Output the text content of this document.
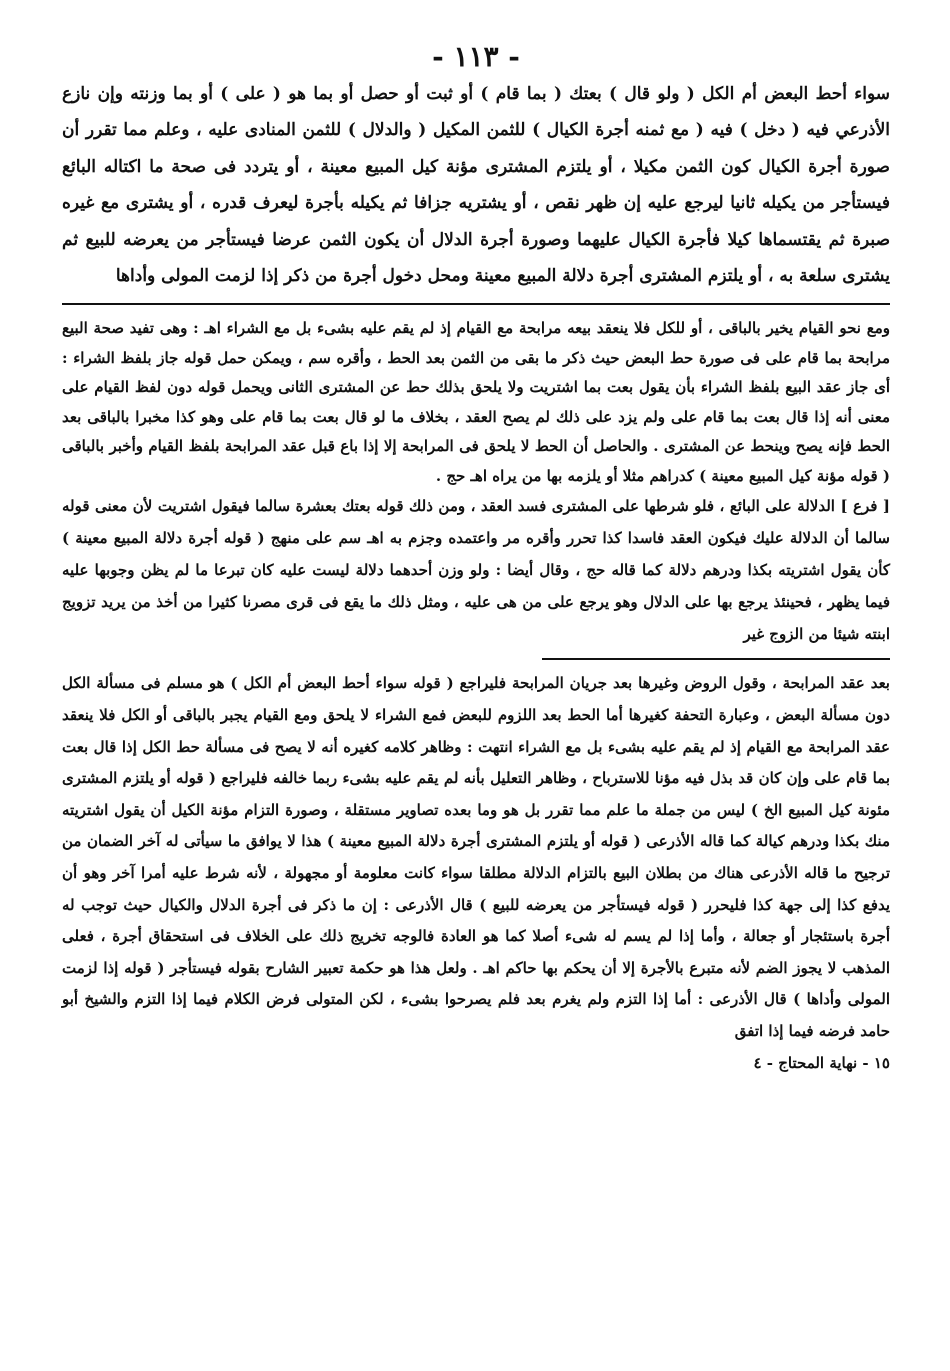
- ١١٣ -

سواء أحط البعض أم الكل ( ولو قال ) بعتك ( بما قام ) أو ثبت أو حصل أو بما هو ( على ) أو بما وزنته وإن نازع الأذرعي فيه ( دخل ) فيه ( مع ثمنه أجرة الكيال ) للثمن المكيل ( والدلال ) للثمن المنادى عليه ، وعلم مما تقرر أن صورة أجرة الكيال كون الثمن مكيلا ، أو يلتزم المشترى مؤنة كيل المبيع معينة ، أو يتردد فى صحة ما اكتاله البائع فيستأجر من يكيله ثانيا ليرجع عليه إن ظهر نقص ، أو يشتريه جزافا ثم يكيله بأجرة ليعرف قدره ، أو يشترى مع غيره صبرة ثم يقتسماها كيلا فأجرة الكيال عليهما وصورة أجرة الدلال أن يكون الثمن عرضا فيستأجر من يعرضه للبيع ثم يشترى سلعة به ، أو يلتزم المشترى أجرة دلالة المبيع معينة ومحل دخول أجرة من ذكر إذا لزمت المولى وأداها

ومع نحو القيام يخير بالباقى ، أو للكل فلا ينعقد بيعه مرابحة مع القيام إذ لم يقم عليه بشىء بل مع الشراء اهـ : وهى تفيد صحة البيع مرابحة بما قام على فى صورة حط البعض حيث ذكر ما بقى من الثمن بعد الحط ، وأقره سم ، ويمكن حمل قوله جاز بلفظ الشراء : أى جاز عقد البيع بلفظ الشراء بأن يقول بعت بما اشتريت ولا يلحق بذلك حط عن المشترى الثانى ويحمل قوله دون لفظ القيام على معنى أنه إذا قال بعت بما قام على ولم يزد على ذلك لم يصح العقد ، بخلاف ما لو قال بعت بما قام على وهو كذا مخبرا بالباقى بعد الحط فإنه يصح وينحط عن المشترى . والحاصل أن الحط لا يلحق فى المرابحة إلا إذا باع قبل عقد المرابحة بلفظ القيام وأخبر بالباقى ( قوله مؤنة كيل المبيع معينة ) كدراهم مثلا أو يلزمه بها من يراه اهـ حج .

[ فرع ] الدلالة على البائع ، فلو شرطها على المشترى فسد العقد ، ومن ذلك قوله بعتك بعشرة سالما فيقول اشتريت لأن معنى قوله سالما أن الدلالة عليك فيكون العقد فاسدا كذا تحرر وأقره مر واعتمده وجزم به اهـ سم على منهج ( قوله أجرة دلالة المبيع معينة ) كأن يقول اشتريته بكذا ودرهم دلالة كما قاله حج ، وقال أيضا : ولو وزن أحدهما دلالة ليست عليه كان تبرعا ما لم يظن وجوبها عليه فيما يظهر ، فحينئذ يرجع بها على الدلال وهو يرجع على من هى عليه ، ومثل ذلك ما يقع فى قرى مصرنا كثيرا من أخذ من يريد تزويج ابنته شيئا من الزوج غير

بعد عقد المرابحة ، وقول الروض وغيرها بعد جريان المرابحة فليراجع ( قوله سواء أحط البعض أم الكل ) هو مسلم فى مسألة الكل دون مسألة البعض ، وعبارة التحفة كغيرها أما الحط بعد اللزوم للبعض فمع الشراء لا يلحق ومع القيام يجبر بالباقى أو الكل فلا ينعقد عقد المرابحة مع القيام إذ لم يقم عليه بشىء بل مع الشراء انتهت : وظاهر كلامه كغيره أنه لا يصح فى مسألة حط الكل إذا قال بعت بما قام على وإن كان قد بذل فيه مؤنا للاسترباح ، وظاهر التعليل بأنه لم يقم عليه بشىء ربما خالفه فليراجع ( قوله أو يلتزم المشترى مئونة كيل المبيع الخ ) ليس من جملة ما علم مما تقرر بل هو وما بعده تصاوير مستقلة ، وصورة التزام مؤنة الكيل أن يقول اشتريته منك بكذا ودرهم كيالة كما قاله الأذرعى ( قوله أو يلتزم المشترى أجرة دلالة المبيع معينة ) هذا لا يوافق ما سيأتى له آخر الضمان من ترجيح ما قاله الأذرعى هناك من بطلان البيع بالتزام الدلالة مطلقا سواء كانت معلومة أو مجهولة ، لأنه شرط عليه أمرا آخر وهو أن يدفع كذا إلى جهة كذا فليحرر ( قوله فيستأجر من يعرضه للبيع ) قال الأذرعى : إن ما ذكر فى أجرة الدلال والكيال حيث توجب له أجرة باستئجار أو جعالة ، وأما إذا لم يسم له شىء أصلا كما هو العادة فالوجه تخريج ذلك على الخلاف فى استحقاق أجرة ، فعلى المذهب لا يجوز الضم لأنه متبرع بالأجرة إلا أن يحكم بها حاكم اهـ . ولعل هذا هو حكمة تعبير الشارح بقوله فيستأجر ( قوله إذا لزمت المولى وأداها ) قال الأذرعى : أما إذا التزم ولم يغرم بعد فلم يصرحوا بشىء ، لكن المتولى فرض الكلام فيما إذا التزم والشيخ أبو حامد فرضه فيما إذا اتفق

١٥ - نهاية المحتاج - ٤
